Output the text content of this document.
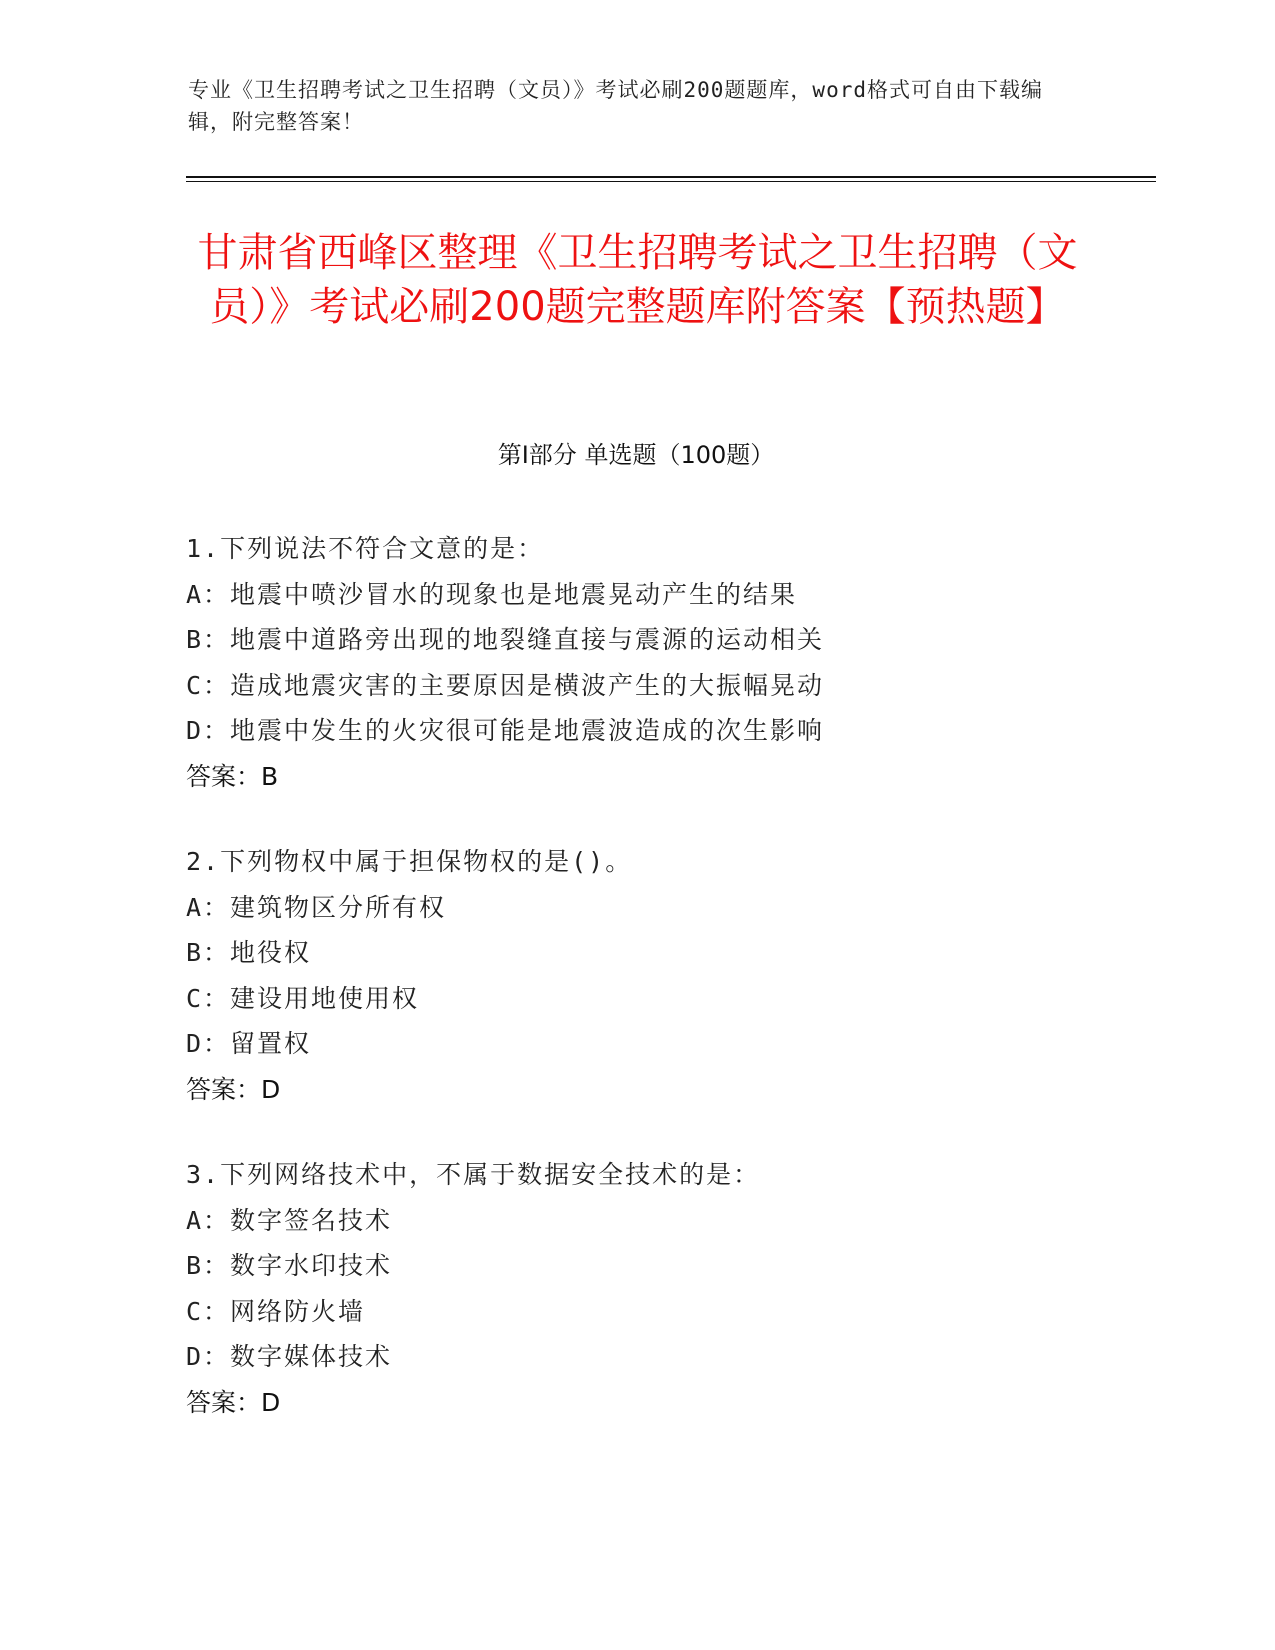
专业《卫生招聘考试之卫生招聘（文员）》考试必刷200题题库，word格式可自由下载编辑，附完整答案！
甘肃省西峰区整理《卫生招聘考试之卫生招聘（文员）》考试必刷200题完整题库附答案【预热题】
第I部分 单选题（100题）
1.下列说法不符合文意的是：
A：地震中喷沙冒水的现象也是地震晃动产生的结果
B：地震中道路旁出现的地裂缝直接与震源的运动相关
C：造成地震灾害的主要原因是横波产生的大振幅晃动
D：地震中发生的火灾很可能是地震波造成的次生影响
答案：B
2.下列物权中属于担保物权的是()。
A：建筑物区分所有权
B：地役权
C：建设用地使用权
D：留置权
答案：D
3.下列网络技术中，不属于数据安全技术的是：
A：数字签名技术
B：数字水印技术
C：网络防火墙
D：数字媒体技术
答案：D
